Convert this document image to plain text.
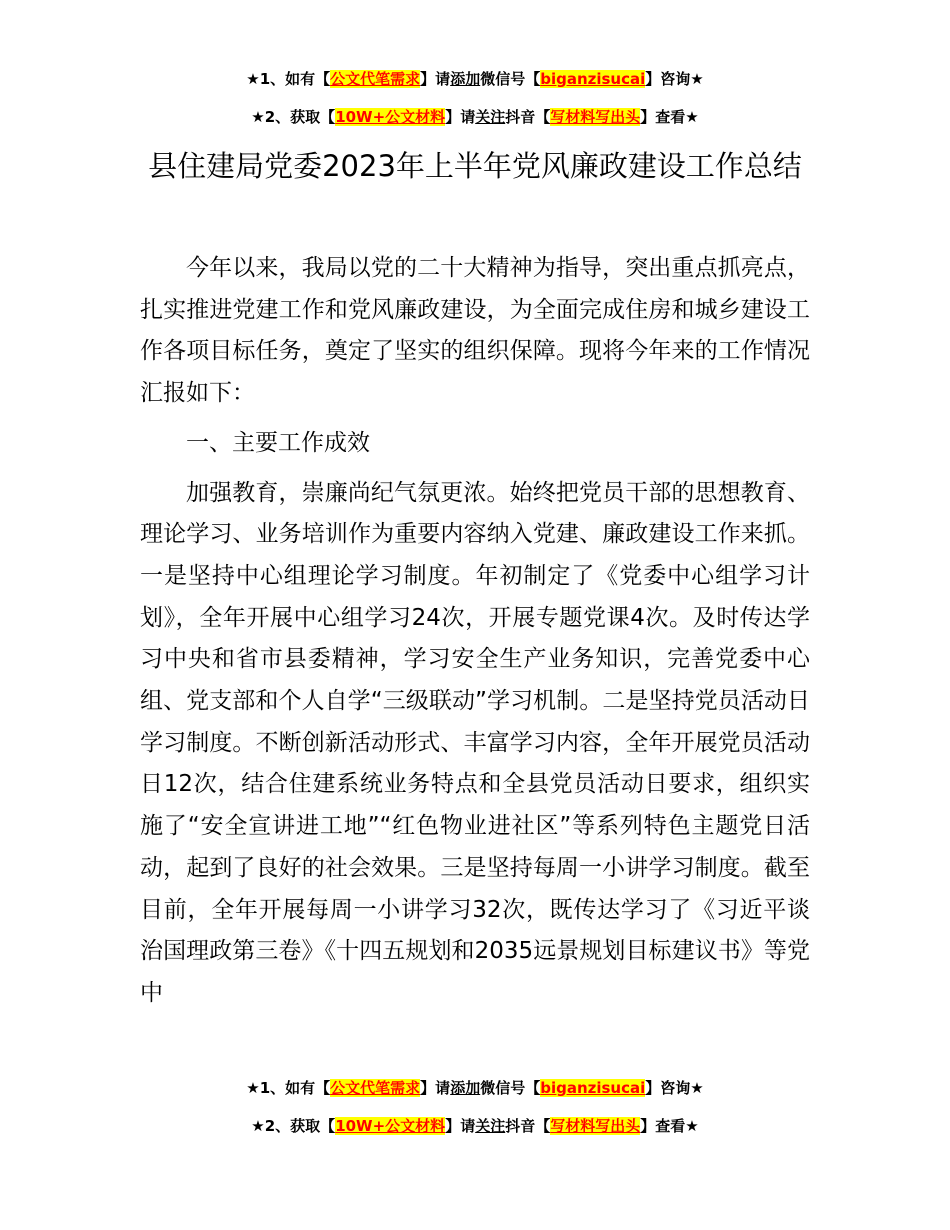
★1、如有【公文代笔需求】请添加微信号【biganzisucai】咨询★
★2、获取【10W+公文材料】请关注抖音【写材料写出头】查看★
县住建局党委2023年上半年党风廉政建设工作总结

今年以来，我局以党的二十大精神为指导，突出重点抓亮点，扎实推进党建工作和党风廉政建设，为全面完成住房和城乡建设工作各项目标任务，奠定了坚实的组织保障。现将今年来的工作情况汇报如下：

一、主要工作成效

加强教育，崇廉尚纪气氛更浓。始终把党员干部的思想教育、理论学习、业务培训作为重要内容纳入党建、廉政建设工作来抓。一是坚持中心组理论学习制度。年初制定了《党委中心组学习计划》，全年开展中心组学习24次，开展专题党课4次。及时传达学习中央和省市县委精神，学习安全生产业务知识，完善党委中心组、党支部和个人自学“三级联动”学习机制。二是坚持党员活动日学习制度。不断创新活动形式、丰富学习内容，全年开展党员活动日12次，结合住建系统业务特点和全县党员活动日要求，组织实施了“安全宣讲进工地”“红色物业进社区”等系列特色主题党日活动，起到了良好的社会效果。三是坚持每周一小讲学习制度。截至目前，全年开展每周一小讲学习32次，既传达学习了《习近平谈治国理政第三卷》《十四五规划和2035远景规划目标建议书》等党中

★1、如有【公文代笔需求】请添加微信号【biganzisucai】咨询★
★2、获取【10W+公文材料】请关注抖音【写材料写出头】查看★
